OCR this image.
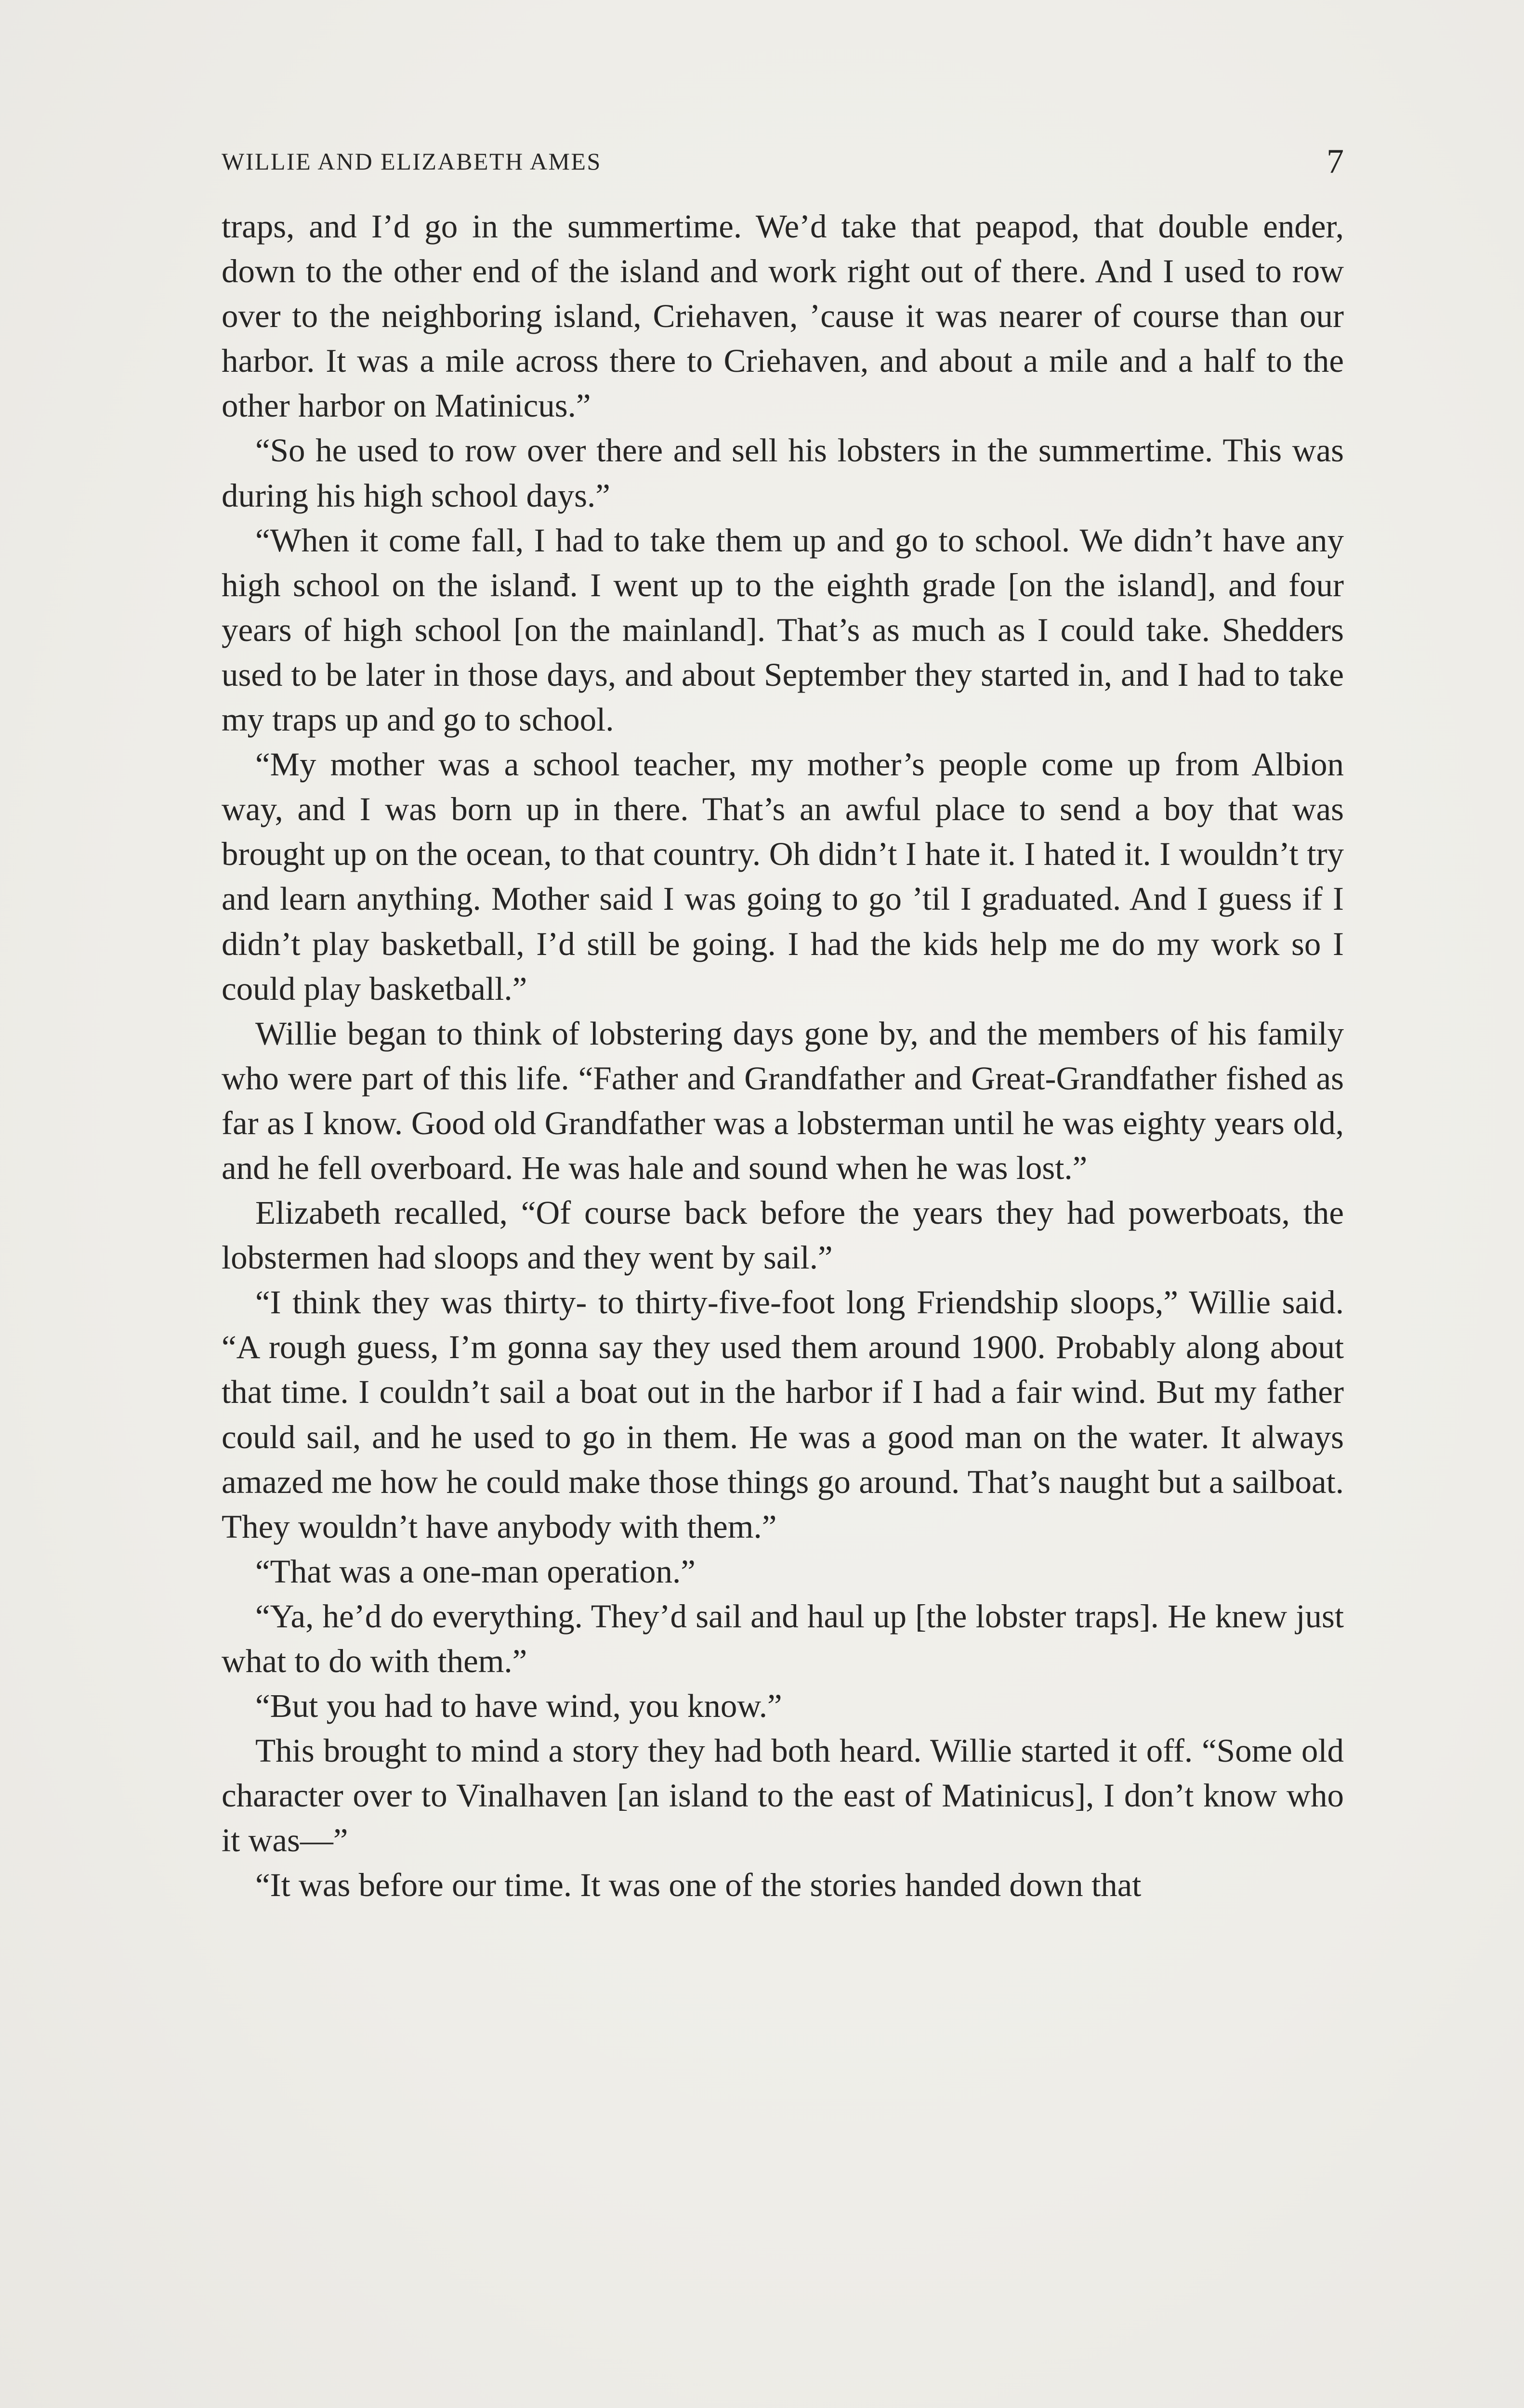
WILLIE AND ELIZABETH AMES	7

traps, and I’d go in the summertime. We’d take that peapod, that double ender, down to the other end of the island and work right out of there. And I used to row over to the neighboring island, Criehaven, ’cause it was nearer of course than our harbor. It was a mile across there to Criehaven, and about a mile and a half to the other harbor on Matinicus.”

“So he used to row over there and sell his lobsters in the summertime. This was during his high school days.”

“When it come fall, I had to take them up and go to school. We didn’t have any high school on the islanđ. I went up to the eighth grade [on the island], and four years of high school [on the mainland]. That’s as much as I could take. Shedders used to be later in those days, and about September they started in, and I had to take my traps up and go to school.

“My mother was a school teacher, my mother’s people come up from Albion way, and I was born up in there. That’s an awful place to send a boy that was brought up on the ocean, to that country. Oh didn’t I hate it. I hated it. I wouldn’t try and learn anything. Mother said I was going to go ’til I graduated. And I guess if I didn’t play basketball, I’d still be going. I had the kids help me do my work so I could play basketball.”

Willie began to think of lobstering days gone by, and the members of his family who were part of this life. “Father and Grandfather and Great-Grandfather fished as far as I know. Good old Grandfather was a lobsterman until he was eighty years old, and he fell overboard. He was hale and sound when he was lost.”

Elizabeth recalled, “Of course back before the years they had powerboats, the lobstermen had sloops and they went by sail.”

“I think they was thirty- to thirty-five-foot long Friendship sloops,” Willie said. “A rough guess, I’m gonna say they used them around 1900. Probably along about that time. I couldn’t sail a boat out in the harbor if I had a fair wind. But my father could sail, and he used to go in them. He was a good man on the water. It always amazed me how he could make those things go around. That’s naught but a sailboat. They wouldn’t have anybody with them.”

“That was a one-man operation.”

“Ya, he’d do everything. They’d sail and haul up [the lobster traps]. He knew just what to do with them.”

“But you had to have wind, you know.”

This brought to mind a story they had both heard. Willie started it off. “Some old character over to Vinalhaven [an island to the east of Matinicus], I don’t know who it was—”

“It was before our time. It was one of the stories handed down that
